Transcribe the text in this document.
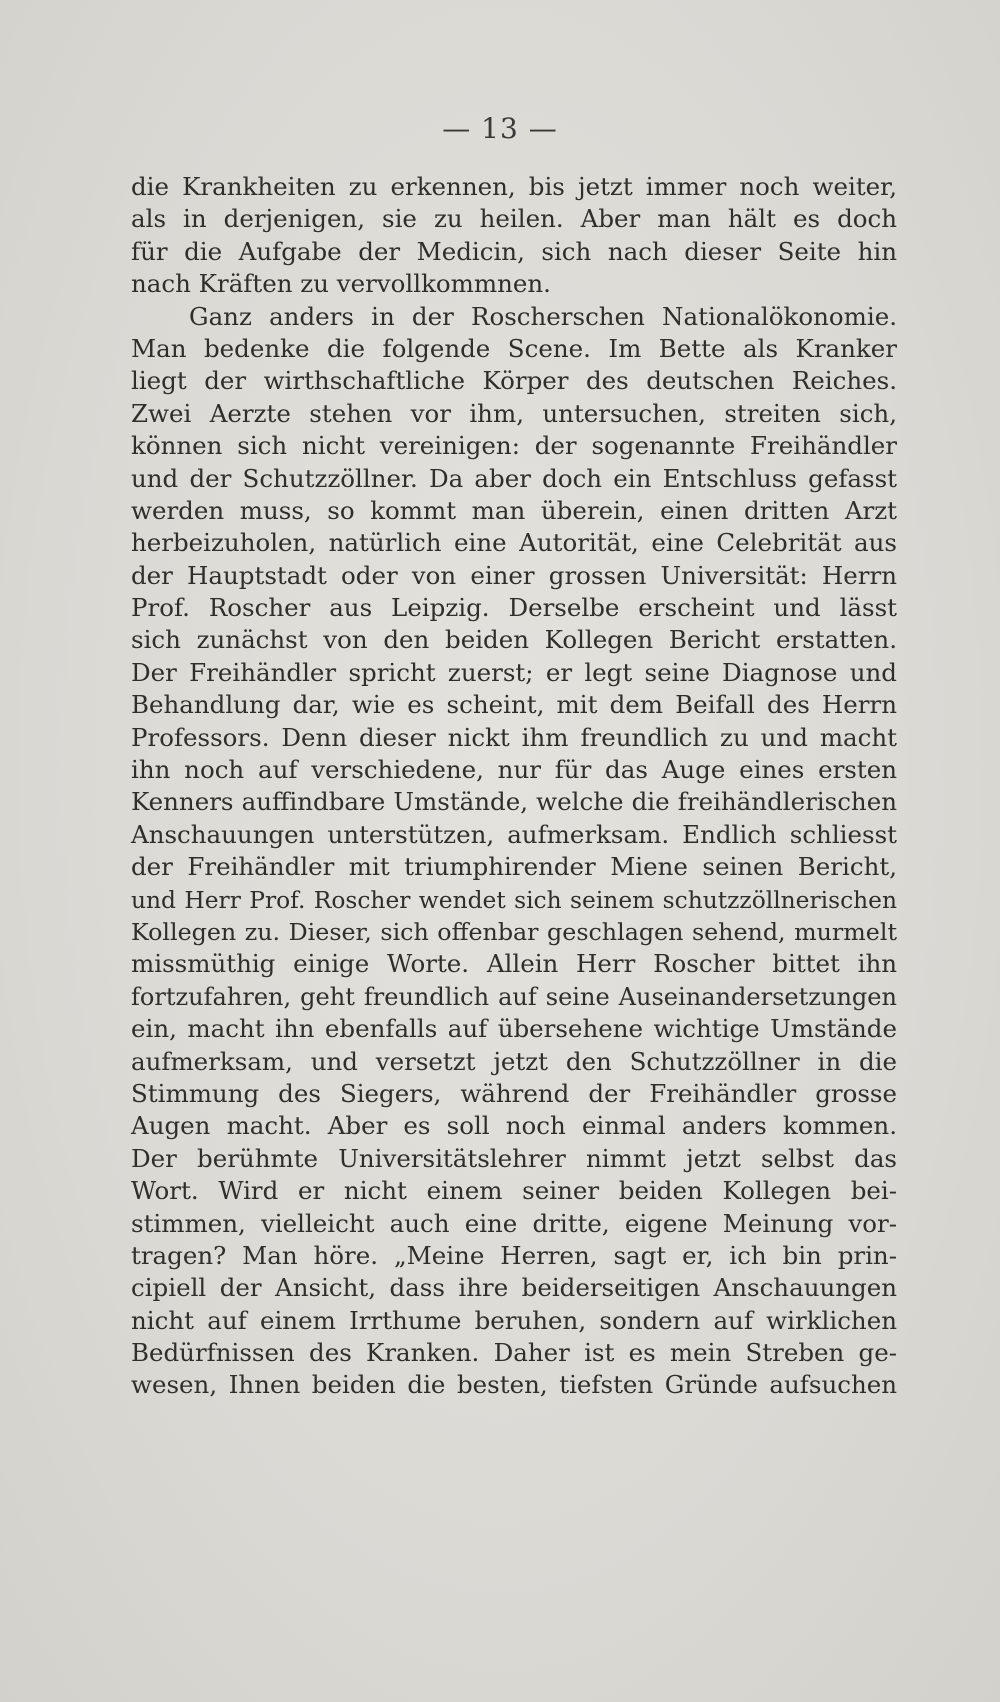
— 13 —
die Krankheiten zu erkennen, bis jetzt immer noch weiter,
als in derjenigen, sie zu heilen. Aber man hält es doch
für die Aufgabe der Medicin, sich nach dieser Seite hin
nach Kräften zu vervollkommnen.
Ganz anders in der Roscherschen Nationalökonomie.
Man bedenke die folgende Scene. Im Bette als Kranker
liegt der wirthschaftliche Körper des deutschen Reiches.
Zwei Aerzte stehen vor ihm, untersuchen, streiten sich,
können sich nicht vereinigen: der sogenannte Freihändler
und der Schutzzöllner. Da aber doch ein Entschluss gefasst
werden muss, so kommt man überein, einen dritten Arzt
herbeizuholen, natürlich eine Autorität, eine Celebrität aus
der Hauptstadt oder von einer grossen Universität: Herrn
Prof. Roscher aus Leipzig. Derselbe erscheint und lässt
sich zunächst von den beiden Kollegen Bericht erstatten.
Der Freihändler spricht zuerst; er legt seine Diagnose und
Behandlung dar, wie es scheint, mit dem Beifall des Herrn
Professors. Denn dieser nickt ihm freundlich zu und macht
ihn noch auf verschiedene, nur für das Auge eines ersten
Kenners auffindbare Umstände, welche die freihändlerischen
Anschauungen unterstützen, aufmerksam. Endlich schliesst
der Freihändler mit triumphirender Miene seinen Bericht,
und Herr Prof. Roscher wendet sich seinem schutzzöllnerischen
Kollegen zu. Dieser, sich offenbar geschlagen sehend, murmelt
missmüthig einige Worte. Allein Herr Roscher bittet ihn
fortzufahren, geht freundlich auf seine Auseinandersetzungen
ein, macht ihn ebenfalls auf übersehene wichtige Umstände
aufmerksam, und versetzt jetzt den Schutzzöllner in die
Stimmung des Siegers, während der Freihändler grosse
Augen macht. Aber es soll noch einmal anders kommen.
Der berühmte Universitätslehrer nimmt jetzt selbst das
Wort. Wird er nicht einem seiner beiden Kollegen bei-
stimmen, vielleicht auch eine dritte, eigene Meinung vor-
tragen? Man höre. „Meine Herren, sagt er, ich bin prin-
cipiell der Ansicht, dass ihre beiderseitigen Anschauungen
nicht auf einem Irrthume beruhen, sondern auf wirklichen
Bedürfnissen des Kranken. Daher ist es mein Streben ge-
wesen, Ihnen beiden die besten, tiefsten Gründe aufsuchen
